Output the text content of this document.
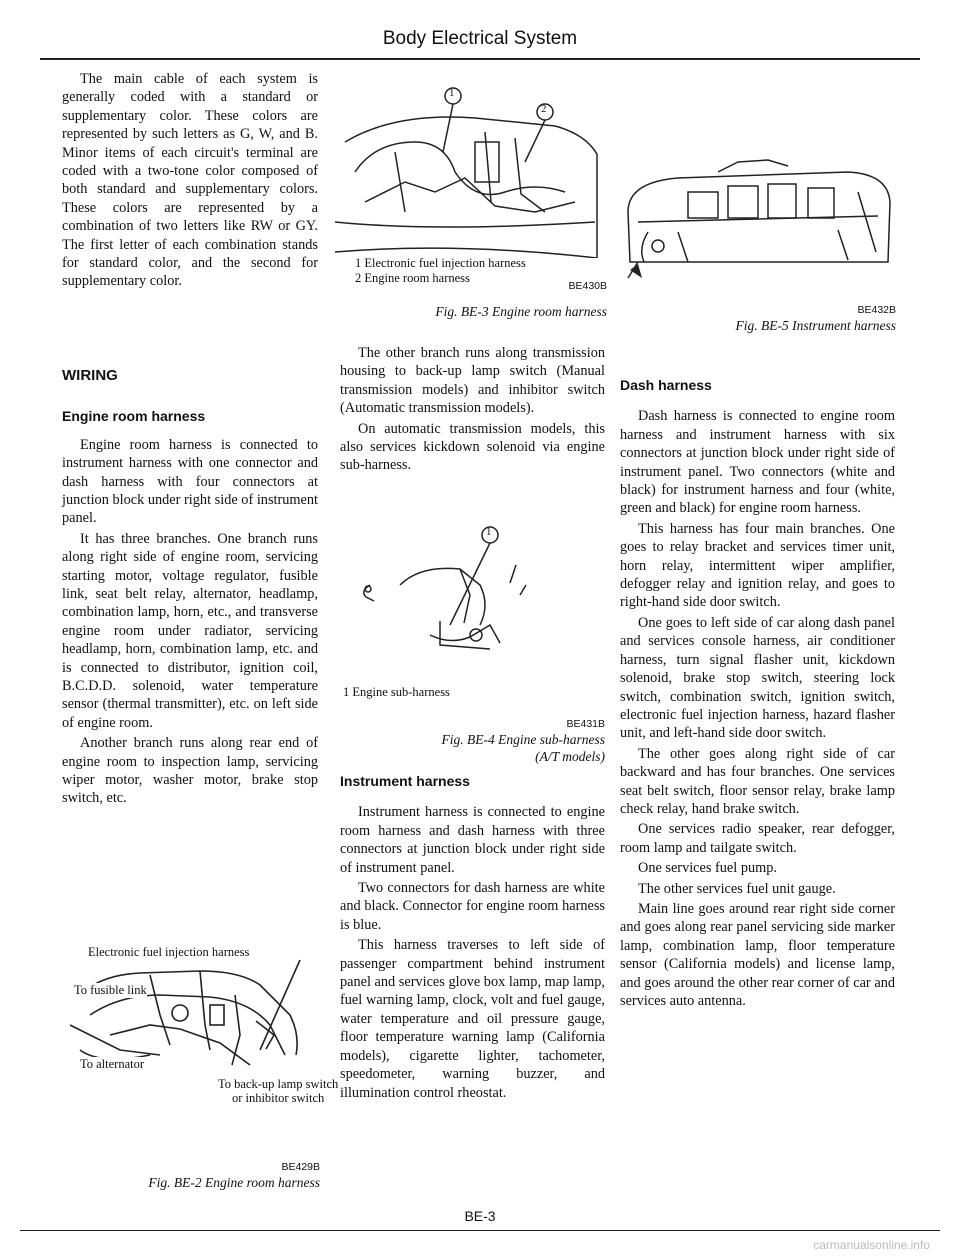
Body Electrical System

The main cable of each system is generally coded with a standard or supplementary color. These colors are represented by such letters as G, W, and B. Minor items of each circuit's terminal are coded with a two-tone color composed of both standard and supplementary colors. These colors are represented by a combination of two letters like RW or GY. The first letter of each combination stands for standard color, and the second for supplementary color.

WIRING
Engine room harness

Engine room harness is connected to instrument harness with one connector and dash harness with four connectors at junction block under right side of instrument panel.

It has three branches. One branch runs along right side of engine room, servicing starting motor, voltage regulator, fusible link, seat belt relay, alternator, headlamp, combination lamp, horn, etc., and transverse engine room under radiator, servicing headlamp, horn, combination lamp, etc. and is connected to distributor, ignition coil, B.C.D.D. solenoid, water temperature sensor (thermal transmitter), etc. on left side of engine room.

Another branch runs along rear end of engine room to inspection lamp, servicing wiper motor, washer motor, brake stop switch, etc.

Electronic fuel injection harness
To fusible link
To alternator
To back-up lamp switch
or inhibitor switch
BE429B
Fig. BE-2 Engine room harness
1
2
1 Electronic fuel injection harness
2 Engine room harness
BE430B
Fig. BE-3 Engine room harness

The other branch runs along transmission housing to back-up lamp switch (Manual transmission models) and inhibitor switch (Automatic transmission models).

On automatic transmission models, this also services kickdown solenoid via engine sub-harness.

1
1 Engine sub-harness
BE431B
Fig. BE-4 Engine sub-harness
(A/T models)
Instrument harness

Instrument harness is connected to engine room harness and dash harness with three connectors at junction block under right side of instrument panel.

Two connectors for dash harness are white and black. Connector for engine room harness is blue.

This harness traverses to left side of passenger compartment behind instrument panel and services glove box lamp, map lamp, fuel warning lamp, clock, volt and fuel gauge, water temperature and oil pressure gauge, floor temperature warning lamp (California models), cigarette lighter, tachometer, speedometer, warning buzzer, and illumination control rheostat.

BE432B
Fig. BE-5 Instrument harness
Dash harness

Dash harness is connected to engine room harness and instrument harness with six connectors at junction block under right side of instrument panel. Two connectors (white and black) for instrument harness and four (white, green and black) for engine room harness.

This harness has four main branches. One goes to relay bracket and services timer unit, horn relay, intermittent wiper amplifier, defogger relay and ignition relay, and goes to right-hand side door switch.

One goes to left side of car along dash panel and services console harness, air conditioner harness, turn signal flasher unit, kickdown solenoid, brake stop switch, steering lock switch, combination switch, ignition switch, electronic fuel injection harness, hazard flasher unit, and left-hand side door switch.

The other goes along right side of car backward and has four branches. One services seat belt switch, floor sensor relay, brake lamp check relay, hand brake switch.

One services radio speaker, rear defogger, room lamp and tailgate switch.

One services fuel pump.

The other services fuel unit gauge.

Main line goes around rear right side corner and goes along rear panel servicing side marker lamp, combination lamp, floor temperature sensor (California models) and license lamp, and goes around the other rear corner of car and services auto antenna.

BE-3
carmanualsonline.info
